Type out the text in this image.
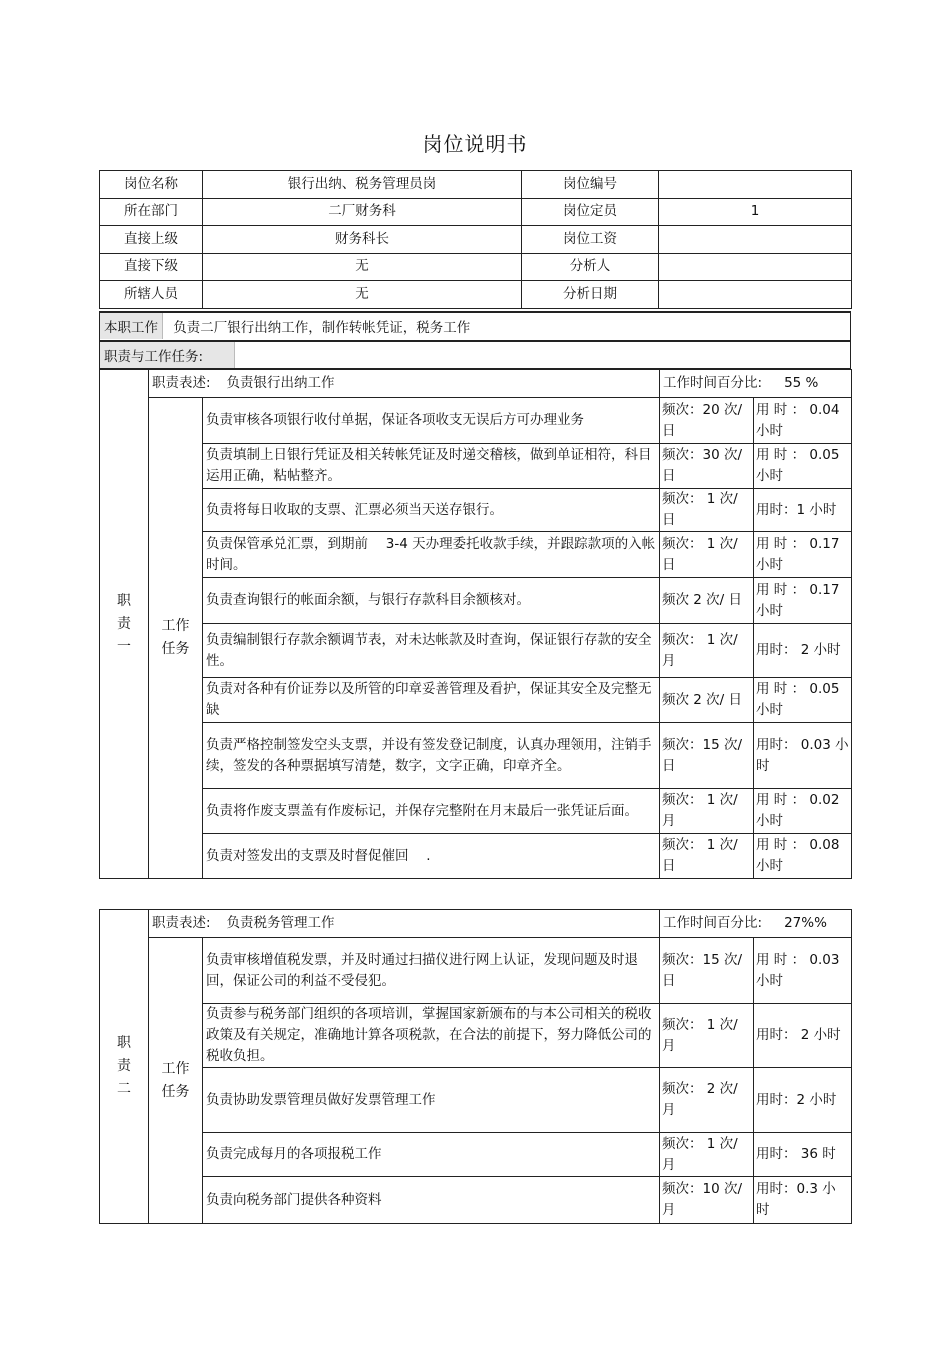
岗位说明书
岗位名称	银行出纳、税务管理员岗	岗位编号	
所在部门	二厂财务科	岗位定员	1
直接上级	财务科长	岗位工资	
直接下级	无	分析人	
所辖人员	无	分析日期	
本职工作 负责二厂银行出纳工作，制作转帐凭证，税务工作
职责与工作任务:
职责一	职责表述: 负责银行出纳工作		工作时间百分比: 55 %	

	工作任务	负责审核各项银行收付单据，保证各项收支无误后方可办理业务	频次：20 次/日	用 时 ： 0.04 小时
		负责填制上日银行凭证及相关转帐凭证及时递交稽核，做到单证相符，科目运用正确，粘帖整齐。	频次：30 次/日	用 时 ： 0.05 小时
		负责将每日收取的支票、汇票必须当天送存银行。	频次： 1 次/日	用时：1 小时
		负责保管承兑汇票，到期前　 3-4 天办理委托收款手续，并跟踪款项的入帐时间。	频次： 1 次/日	用 时 ： 0.17 小时
		负责查询银行的帐面余额，与银行存款科目余额核对。	频次 2 次/ 日	用 时 ： 0.17 小时
		负责编制银行存款余额调节表，对未达帐款及时查询，保证银行存款的安全性。	频次： 1 次/月	用时： 2 小时
		负责对各种有价证券以及所管的印章妥善管理及看护，保证其安全及完整无缺	频次 2 次/ 日	用 时 ： 0.05 小时
		负责严格控制签发空头支票，并设有签发登记制度，认真办理领用，注销手续，签发的各种票据填写清楚，数字，文字正确，印章齐全。	频次：15 次/日	用时： 0.03 小时
		负责将作废支票盖有作废标记，并保存完整附在月末最后一张凭证后面。	频次： 1 次/月	用 时 ： 0.02 小时
		负责对签发出的支票及时督促催回　 .	频次： 1 次/日	用 时 ： 0.08 小时
职责二	职责表述: 负责税务管理工作		工作时间百分比: 27%%	

	工作任务	负责审核增值税发票，并及时通过扫描仪进行网上认证，发现问题及时退回，保证公司的利益不受侵犯。	频次：15 次/日	用 时 ： 0.03 小时
		负责参与税务部门组织的各项培训，掌握国家新颁布的与本公司相关的税收政策及有关规定，准确地计算各项税款，在合法的前提下，努力降低公司的税收负担。	频次： 1 次/月	用时： 2 小时
		负责协助发票管理员做好发票管理工作	频次： 2 次/月	用时：2 小时
		负责完成每月的各项报税工作	频次： 1 次/月	用时： 36 时
		负责向税务部门提供各种资料	频次：10 次/月	用时：0.3 小时
